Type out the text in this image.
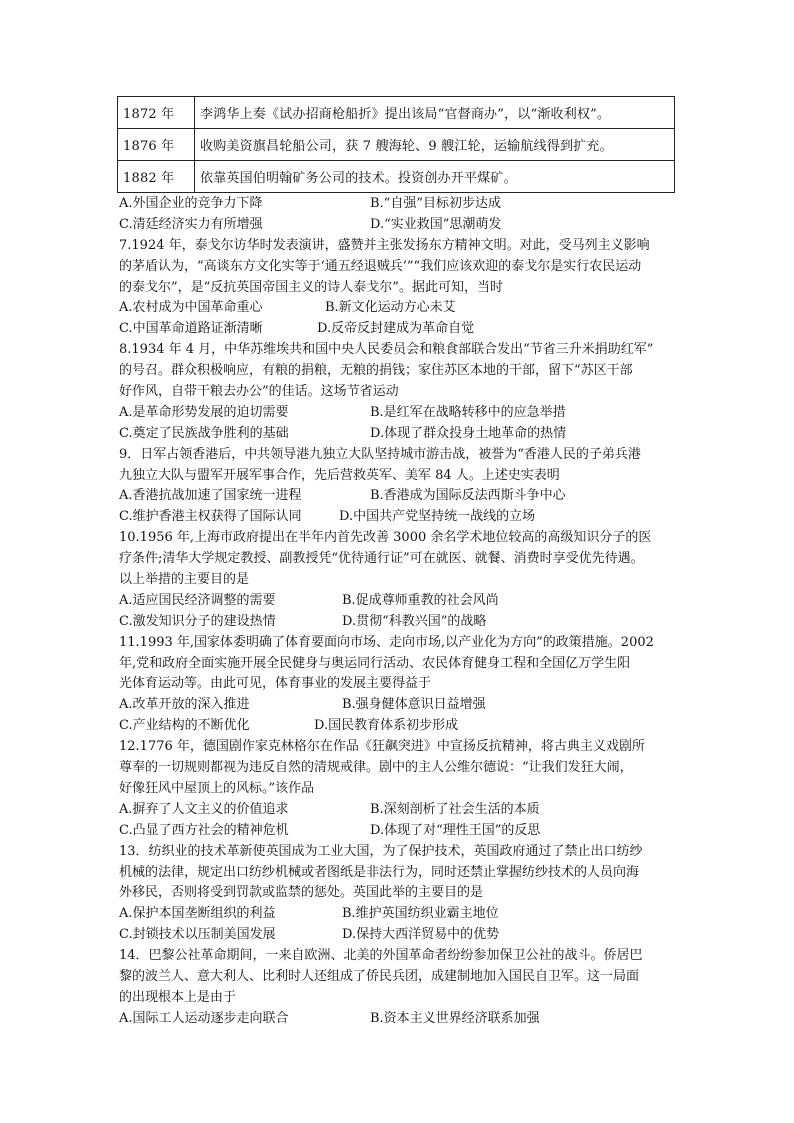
1872 年	李鸿华上奏《试办招商枪船折》提出该局“官督商办”，以“渐收利权”。
1876 年	收购美资旗昌轮船公司，获 7 艘海轮、9 艘江轮，运输航线得到扩充。
1882 年	依靠英国伯明翰矿务公司的技术。投资创办开平煤矿。
A.外国企业的竞争力下降	B.“自强”目标初步达成
C.清廷经济实力有所增强	D.“实业救国”思潮萌发
7.1924 年，泰戈尔访华时发表演讲，盛赞并主张发扬东方精神文明。对此，受马列主义影响
的茅盾认为，“高谈东方文化实等于‘通五经退贼兵’”“我们应该欢迎的泰戈尔是实行农民运动
的泰戈尔”，是“反抗英国帝国主义的诗人泰戈尔”。据此可知，当时
A.农村成为中国革命重心	B.新文化运动方心未艾
C.中国革命道路证渐清晰	D.反帝反封建成为革命自觉
8.1934 年 4 月，中华苏维埃共和国中央人民委员会和粮食部联合发出“节省三升米捐助红军”
的号召。群众积极响应，有粮的捐粮，无粮的捐钱；家住苏区本地的干部，留下“苏区干部
好作风，自带干粮去办公”的佳话。这场节省运动
A.是革命形势发展的迫切需要	B.是红军在战略转移中的应急举措
C.奠定了民族战争胜利的基础	D.体现了群众投身土地革命的热情
9．日军占领香港后，中共领导港九独立大队坚持城市游击战，被誉为“香港人民的子弟兵港
九独立大队与盟军开展军事合作，先后营救英军、美军 84 人。上述史实表明
A.香港抗战加速了国家统一进程	B.香港成为国际反法西斯斗争中心
C.维护香港主权获得了国际认同	D.中国共产党坚持统一战线的立场
10.1956 年,上海市政府提出在半年内首先改善 3000 余名学术地位较高的高级知识分子的医
疗条件;清华大学规定教授、副教授凭“优待通行证”可在就医、就餐、消费时享受优先待遇。
以上举措的主要目的是
A.适应国民经济调整的需要	B.促成尊师重教的社会风尚
C.激发知识分子的建设热情	D.贯彻“科教兴国”的战略
11.1993 年,国家体委明确了体育要面向市场、走向市场,以产业化为方向”的政策措施。2002
年,党和政府全面实施开展全民健身与奥运同行活动、农民体育健身工程和全国亿万学生阳
光体育运动等。由此可见，体育事业的发展主要得益于
A.改革开放的深入推进	B.强身健体意识日益增强
C.产业结构的不断优化	D.国民教育体系初步形成
12.1776 年，德国剧作家克林格尔在作品《狂飙突进》中宣扬反抗精神，将古典主义戏剧所
尊奉的一切规则都视为违反自然的清规戒律。剧中的主人公维尔德说：“让我们发狂大闹，
好像狂风中屋顶上的风标。”该作品
A.摒弃了人文主义的价值追求	B.深刻剖析了社会生活的本质
C.凸显了西方社会的精神危机	D.体现了对“理性王国”的反思
13．纺织业的技术革新使英国成为工业大国，为了保护技术，英国政府通过了禁止出口纺纱
机械的法律，规定出口纺纱机械或者图纸是非法行为，同时还禁止掌握纺纱技术的人员向海
外移民，否则将受到罚款或监禁的惩处。英国此举的主要目的是
A.保护本国垄断组织的利益	B.维护英国纺织业霸主地位
C.封锁技术以压制美国发展	D.保持大西洋贸易中的优势
14．巴黎公社革命期间，一来自欧洲、北美的外国革命者纷纷参加保卫公社的战斗。侨居巴
黎的波兰人、意大利人、比利时人还组成了侨民兵团，成建制地加入国民自卫军。这一局面
的出现根本上是由于
A.国际工人运动逐步走向联合	B.资本主义世界经济联系加强
